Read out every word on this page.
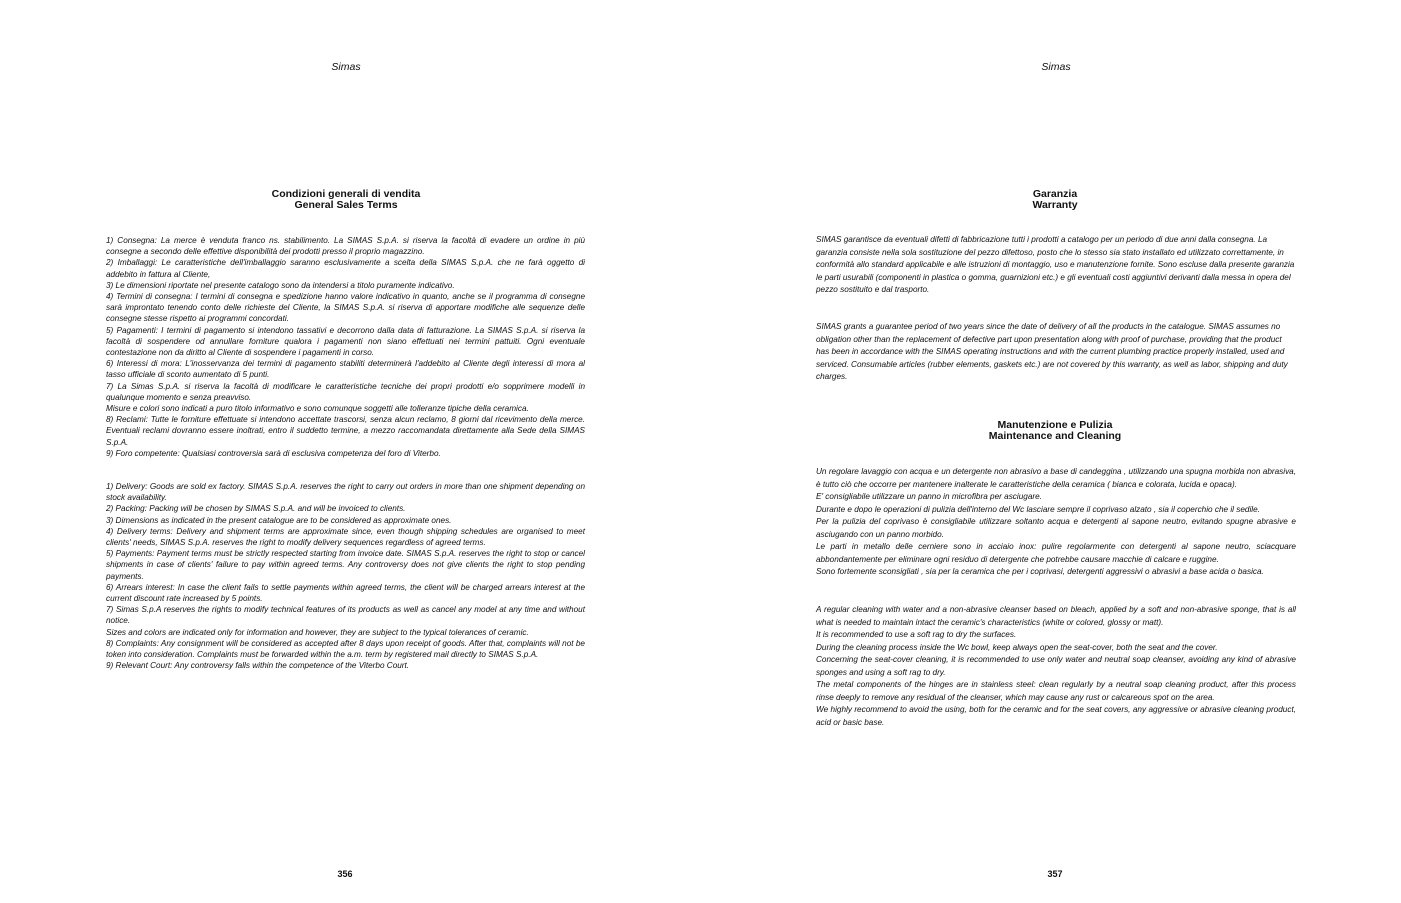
Simas
Condizioni generali di vendita
General Sales Terms

1) Consegna: La merce è venduta franco ns. stabilimento. La SIMAS S.p.A. si riserva la facoltà di evadere un ordine in più consegne a secondo delle effettive disponibilità dei prodotti presso il proprio magazzino.

2) Imballaggi: Le caratteristiche dell'imballaggio saranno esclusivamente a scelta della SIMAS S.p.A. che ne farà oggetto di addebito in fattura al Cliente,

3) Le dimensioni riportate nel presente catalogo sono da intendersi a titolo puramente indicativo.

4) Termini di consegna: I termini di consegna e spedizione hanno valore indicativo in quanto, anche se il programma di consegne sarà improntato tenendo conto delle richieste del Cliente, la SIMAS S.p.A. si riserva di apportare modifiche alle sequenze delle consegne stesse rispetto ai programmi concordati.

5) Pagamenti: I termini di pagamento si intendono tassativi e decorrono dalla data di fatturazione. La SIMAS S.p.A. si riserva la facoltà di sospendere od annullare forniture qualora i pagamenti non siano effettuati nei termini pattuiti. Ogni eventuale contestazione non da diritto al Cliente di sospendere i pagamenti in corso.

6) Interessi di mora: L'inosservanza dei termini di pagamento stabiliti determinerà l'addebito al Cliente degli interessi di mora al tasso ufficiale di sconto aumentato di 5 punti.

7) La Simas S.p.A. si riserva la facoltà di modificare le caratteristiche tecniche dei propri prodotti e/o sopprimere modelli in qualunque momento e senza preavviso.

Misure e colori sono indicati a puro titolo informativo e sono comunque soggetti alle tolleranze tipiche della ceramica.

8) Reclami: Tutte le forniture effettuate si intendono accettate trascorsi, senza alcun reclamo, 8 giorni dal ricevimento della merce. Eventuali reclami dovranno essere inoltrati, entro il suddetto termine, a mezzo raccomandata direttamente alla Sede della SIMAS S.p.A.

9) Foro competente: Qualsiasi controversia sarà di esclusiva competenza del foro di Viterbo.

1) Delivery: Goods are sold ex factory. SIMAS S.p.A. reserves the right to carry out orders in more than one shipment depending on stock availability.

2) Packing: Packing will be chosen by SIMAS S.p.A. and will be invoiced to clients.

3) Dimensions as indicated in the present catalogue are to be considered as approximate ones.

4) Delivery terms: Delivery and shipment terms are approximate since, even though shipping schedules are organised to meet clients' needs, SIMAS S.p.A. reserves the right to modify delivery sequences regardless of agreed terms.

5) Payments: Payment terms must be strictly respected starting from invoice date. SIMAS S.p.A. reserves the right to stop or cancel shipments in case of clients' failure to pay within agreed terms. Any controversy does not give clients the right to stop pending payments.

6) Arrears interest: In case the client fails to settle payments within agreed terms, the client will be charged arrears interest at the current discount rate increased by 5 points.

7) Simas S.p.A reserves the rights to modify technical features of its products as well as cancel any model at any time and without notice.

Sizes and colors are indicated only for information and however, they are subject to the typical tolerances of ceramic.

8) Complaints: Any consignment will be considered as accepted after 8 days upon receipt of goods. After that, complaints will not be token into consideration. Complaints must be forwarded within the a.m. term by registered mail directly to SIMAS S.p.A.

9) Relevant Court: Any controversy falls within the competence of the Viterbo Court.

356
Simas
Garanzia
Warranty

SIMAS garantisce da eventuali difetti di fabbricazione tutti i prodotti a catalogo per un periodo di due anni dalla consegna. La garanzia consiste nella sola sostituzione del pezzo difettoso, posto che lo stesso sia stato installato ed utilizzato correttamente, in conformità allo standard applicabile e alle istruzioni di montaggio, uso e manutenzione fornite. Sono escluse dalla presente garanzia le parti usurabili (componenti in plastica o gomma, guarnizioni etc.) e gli eventuali costi aggiuntivi derivanti dalla messa in opera del pezzo sostituito e dal trasporto.

SIMAS grants a guarantee period of two years since the date of delivery of all the products in the catalogue. SIMAS assumes no obligation other than the replacement of defective part upon presentation along with proof of purchase, providing that the product has been in accordance with the SIMAS operating instructions and with the current plumbing practice properly installed, used and serviced. Consumable articles (rubber elements, gaskets etc.) are not covered by this warranty, as well as labor, shipping and duty charges.

Manutenzione e Pulizia
Maintenance and Cleaning

Un regolare lavaggio con acqua e un detergente non abrasivo a base di candeggina , utilizzando una spugna morbida non abrasiva, è tutto ciò che occorre per mantenere inalterate le caratteristiche della ceramica ( bianca e colorata, lucida e opaca).

E' consigliabile utilizzare un panno in microfibra per asciugare.

Durante e dopo le operazioni di pulizia dell'interno del Wc lasciare sempre il coprivaso alzato , sia il coperchio che il sedile.

Per la pulizia del coprivaso è consigliabile utilizzare soltanto acqua e detergenti al sapone neutro, evitando spugne abrasive e asciugando con un panno morbido.

Le parti in metallo delle cerniere sono in acciaio inox: pulire regolarmente con detergenti al sapone neutro, sciacquare abbondantemente per eliminare ogni residuo di detergente che potrebbe causare macchie di calcare e ruggine.

Sono fortemente sconsigliati , sia per la ceramica che per i coprivasi, detergenti aggressivi o abrasivi a base acida o basica.

A regular cleaning with water and a non-abrasive cleanser based on bleach, applied by a soft and non-abrasive sponge, that is all what is needed to maintain intact the ceramic's characteristics (white or colored, glossy or matt).

It is recommended to use a soft rag to dry the surfaces.

During the cleaning process inside the Wc bowl, keep always open the seat-cover, both the seat and the cover.

Concerning the seat-cover cleaning, it is recommended to use only water and neutral soap cleanser, avoiding any kind of abrasive sponges and using a soft rag to dry.

The metal components of the hinges are in stainless steel: clean regularly by a neutral soap cleaning product, after this process rinse deeply to remove any residual of the cleanser, which may cause any rust or calcareous spot on the area.

We highly recommend to avoid the using, both for the ceramic and for the seat covers, any aggressive or abrasive cleaning product, acid or basic base.

357
